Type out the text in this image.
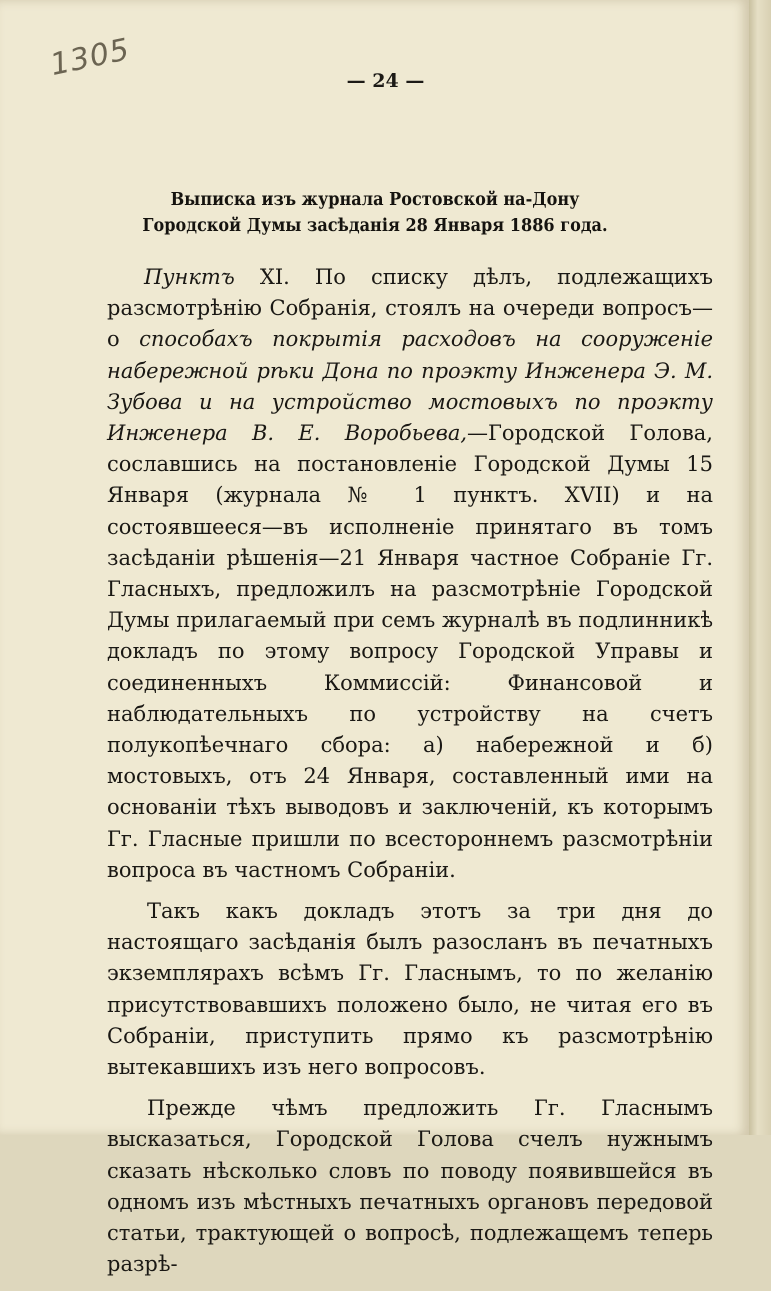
1305	— 24 —
Выписка изъ журнала Ростовской на-Дону Городской Думы засѣданія 28 Января 1886 года.

Пунктъ XI. По списку дѣлъ, подлежащихъ разсмотрѣнію Собранія, стоялъ на очереди вопросъ—о способахъ покрытія расходовъ на сооруженіе набережной рѣки Дона по проэкту Инженера Э. М. Зубова и на устройство мостовыхъ по проэкту Инженера В. Е. Воробьева,—Городской Голова, сославшись на постановленіе Городской Думы 15 Января (журнала № 1 пунктъ. XVII) и на состоявшееся—въ исполненіе принятаго въ томъ засѣданіи рѣшенія—21 Января частное Собраніе Гг. Гласныхъ, предложилъ на разсмотрѣніе Городской Думы прилагаемый при семъ журналѣ въ подлинникѣ докладъ по этому вопросу Городской Управы и соединенныхъ Коммиссій: Финансовой и наблюдательныхъ по устройству на счетъ полукопѣечнаго сбора: а) набережной и б) мостовыхъ, отъ 24 Января, составленный ими на основаніи тѣхъ выводовъ и заключеній, къ которымъ Гг. Гласные пришли по всестороннемъ разсмотрѣніи вопроса въ частномъ Собраніи.

Такъ какъ докладъ этотъ за три дня до настоящаго засѣданія былъ разосланъ въ печатныхъ экземплярахъ всѣмъ Гг. Гласнымъ, то по желанію присутствовавшихъ положено было, не читая его въ Собраніи, приступить прямо къ разсмотрѣнію вытекавшихъ изъ него вопросовъ.

Прежде чѣмъ предложить Гг. Гласнымъ высказаться, Городской Голова счелъ нужнымъ сказать нѣсколько словъ по поводу появившейся въ одномъ изъ мѣстныхъ печатныхъ органовъ передовой статьи, трактующей о вопросѣ, подлежащемъ теперь разрѣ-
